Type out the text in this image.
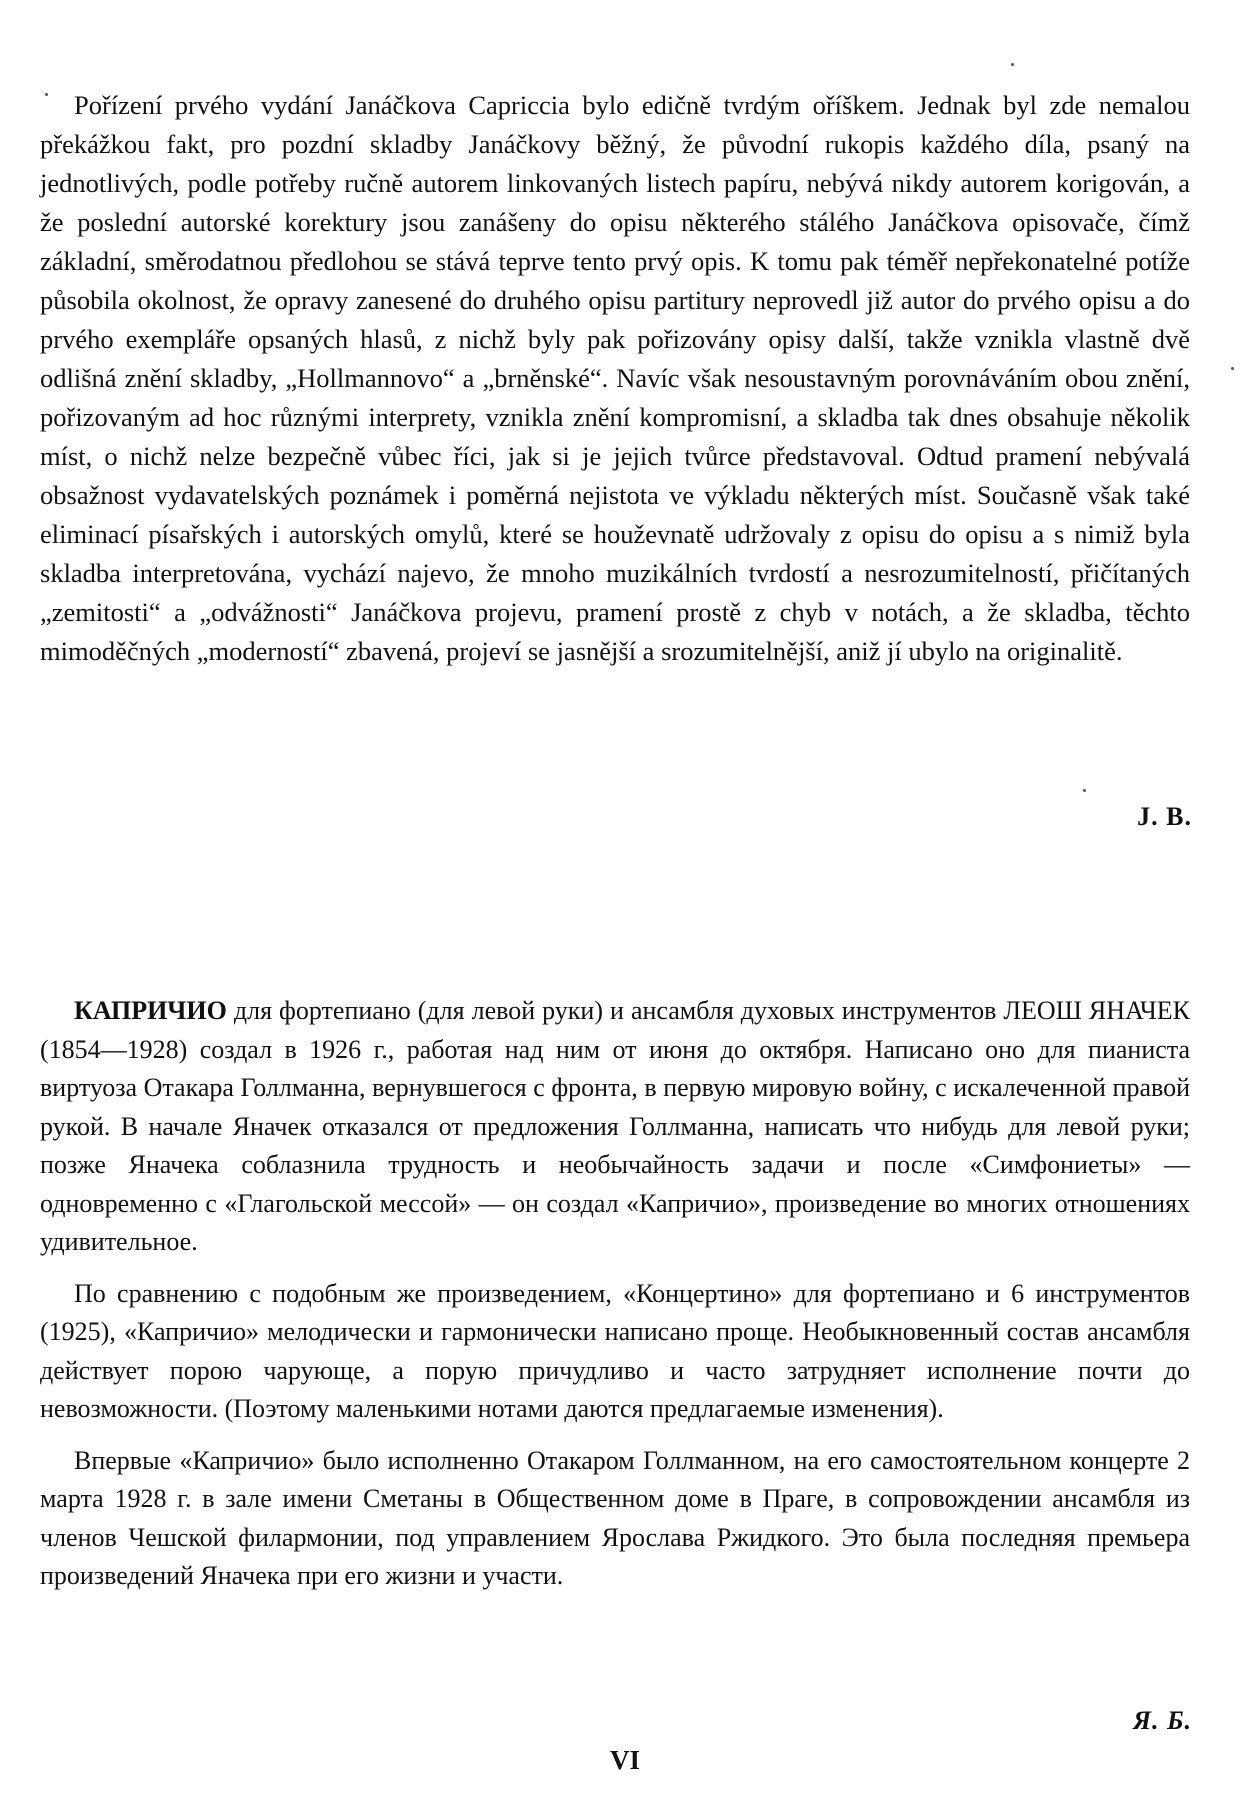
Pořízení prvého vydání Janáčkova Capriccia bylo edičně tvrdým oříškem. Jednak byl zde nemalou překážkou fakt, pro pozdní skladby Janáčkovy běžný, že původní rukopis každého díla, psaný na jednotlivých, podle potřeby ručně autorem linkovaných listech papíru, nebývá nikdy autorem korigován, a že poslední autorské korektury jsou zanášeny do opisu některého stálého Janáčkova opisovače, čímž základní, směrodatnou předlohou se stává teprve tento prvý opis. K tomu pak téměř nepřekonatelné potíže působila okolnost, že opravy zanesené do druhého opisu partitury neprovedl již autor do prvého opisu a do prvého exempláře opsaných hlasů, z nichž byly pak pořizovány opisy další, takže vznikla vlastně dvě odlišná znění skladby, „Hollmannovo“ a „brněnské“. Navíc však nesoustavným porovnáváním obou znění, pořizovaným ad hoc různými interprety, vznikla znění kompromisní, a skladba tak dnes obsahuje několik míst, o nichž nelze bezpečně vůbec říci, jak si je jejich tvůrce představoval. Odtud pramení nebývalá obsažnost vydavatelských poznámek i poměrná nejistota ve výkladu některých míst. Současně však také eliminací písařských i autorských omylů, které se houževnatě udržovaly z opisu do opisu a s nimiž byla skladba interpretována, vychází najevo, že mnoho muzikálních tvrdostí a nesrozumitelností, přičítaných „zemitosti“ a „odvážnosti“ Janáčkova projevu, pramení prostě z chyb v notách, a že skladba, těchto mimoděčných „moderností“ zbavená, projeví se jasnější a srozumitelnější, aniž jí ubylo na originalitě.
J. B.

КАПРИЧИО для фортепиано (для левой руки) и ансамбля духовых инструментов ЛЕОШ ЯНАЧЕК (1854—1928) создал в 1926 г., работая над ним от июня до октября. Написано оно для пианиста виртуоза Отакара Голлманна, вернувшегося с фронта, в первую мировую войну, с искалеченной правой рукой. В начале Яначек отказался от предложения Голлманна, написать что нибудь для левой руки; позже Яначека соблазнила трудность и необычайность задачи и после «Симфониеты» — одновременно с «Глагольской мессой» — он создал «Капричио», произведение во многих отношениях удивительное.

По сравнению с подобным же произведением, «Концертино» для фортепиано и 6 инструментов (1925), «Капричио» мелодически и гармонически написано проще. Необыкновенный состав ансамбля действует порою чарующе, а порую причудливо и часто затрудняет исполнение почти до невозможности. (Поэтому маленькими нотами даются предлагаемые изменения).

Впервые «Капричио» было исполненно Отакаром Голлманном, на его самостоятельном концерте 2 марта 1928 г. в зале имени Сметаны в Общественном доме в Праге, в сопровождении ансамбля из членов Чешской филармонии, под управлением Ярослава Ржидкого. Это была последняя премьера произведений Яначека при его жизни и участи.

Я. Б.
VI
